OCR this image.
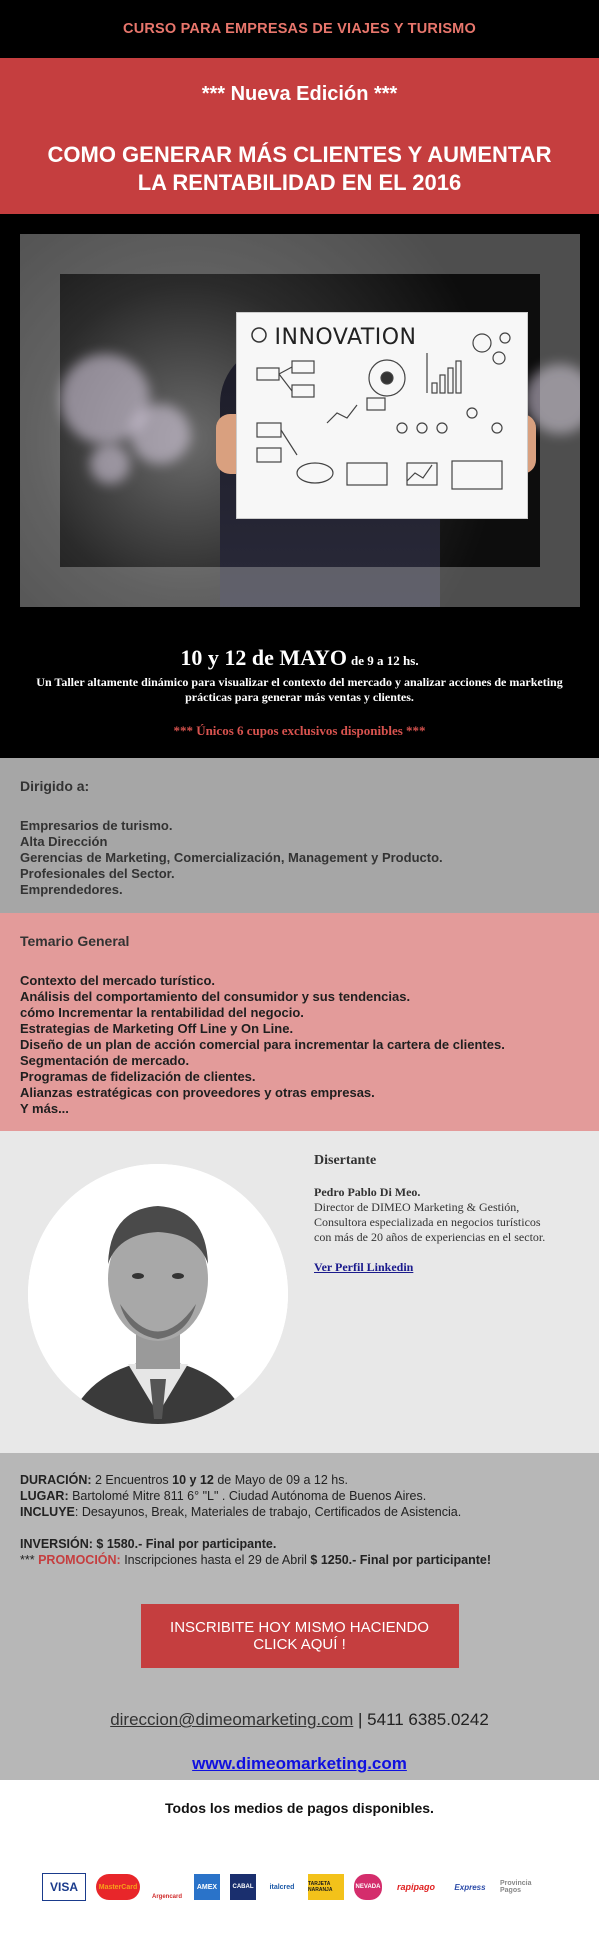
CURSO PARA EMPRESAS DE VIAJES Y TURISMO
*** Nueva Edición ***
COMO GENERAR MÁS CLIENTES Y AUMENTAR
LA RENTABILIDAD EN EL 2016
INNOVATION
10 y 12 de MAYO de 9 a 12 hs.
Un Taller altamente dinámico para visualizar el contexto del mercado y analizar acciones de marketing prácticas para generar más ventas y clientes.
*** Únicos 6 cupos exclusivos disponibles ***
Dirigido a:
Empresarios de turismo.
Alta Dirección
Gerencias de Marketing, Comercialización, Management y Producto.
Profesionales del Sector.
Emprendedores.
Temario General
Contexto del mercado turístico.
Análisis del comportamiento del consumidor y sus tendencias.
cómo Incrementar la rentabilidad del negocio.
Estrategias de Marketing Off Line y On Line.
Diseño de un plan de acción comercial para incrementar la cartera de clientes.
Segmentación de mercado.
Programas de fidelización de clientes.
Alianzas estratégicas con proveedores y otras empresas.
Y más...
Disertante
Pedro Pablo Di Meo.
Director de DIMEO Marketing & Gestión,
Consultora especializada en negocios turísticos
con más de 20 años de experiencias en el sector.
Ver Perfil Linkedin
DURACIÓN: 2 Encuentros 10 y 12 de Mayo de 09 a 12 hs.
LUGAR: Bartolomé Mitre 811 6° "L" . Ciudad Autónoma de Buenos Aires.
INCLUYE: Desayunos, Break, Materiales de trabajo, Certificados de Asistencia.
INVERSIÓN: $ 1580.- Final por participante.
*** PROMOCIÓN: Inscripciones hasta el 29 de Abril $ 1250.- Final por participante!
INSCRIBITE HOY MISMO HACIENDO CLICK AQUÍ !
direccion@dimeomarketing.com | 5411 6385.0242
www.dimeomarketing.com
Todos los medios de pagos disponibles.
VISA	MasterCard
Argencard
AMEX	CABAL	italcred	TARJETA NARANJA	NEVADA	rapipago	Express	Provincia Pagos
